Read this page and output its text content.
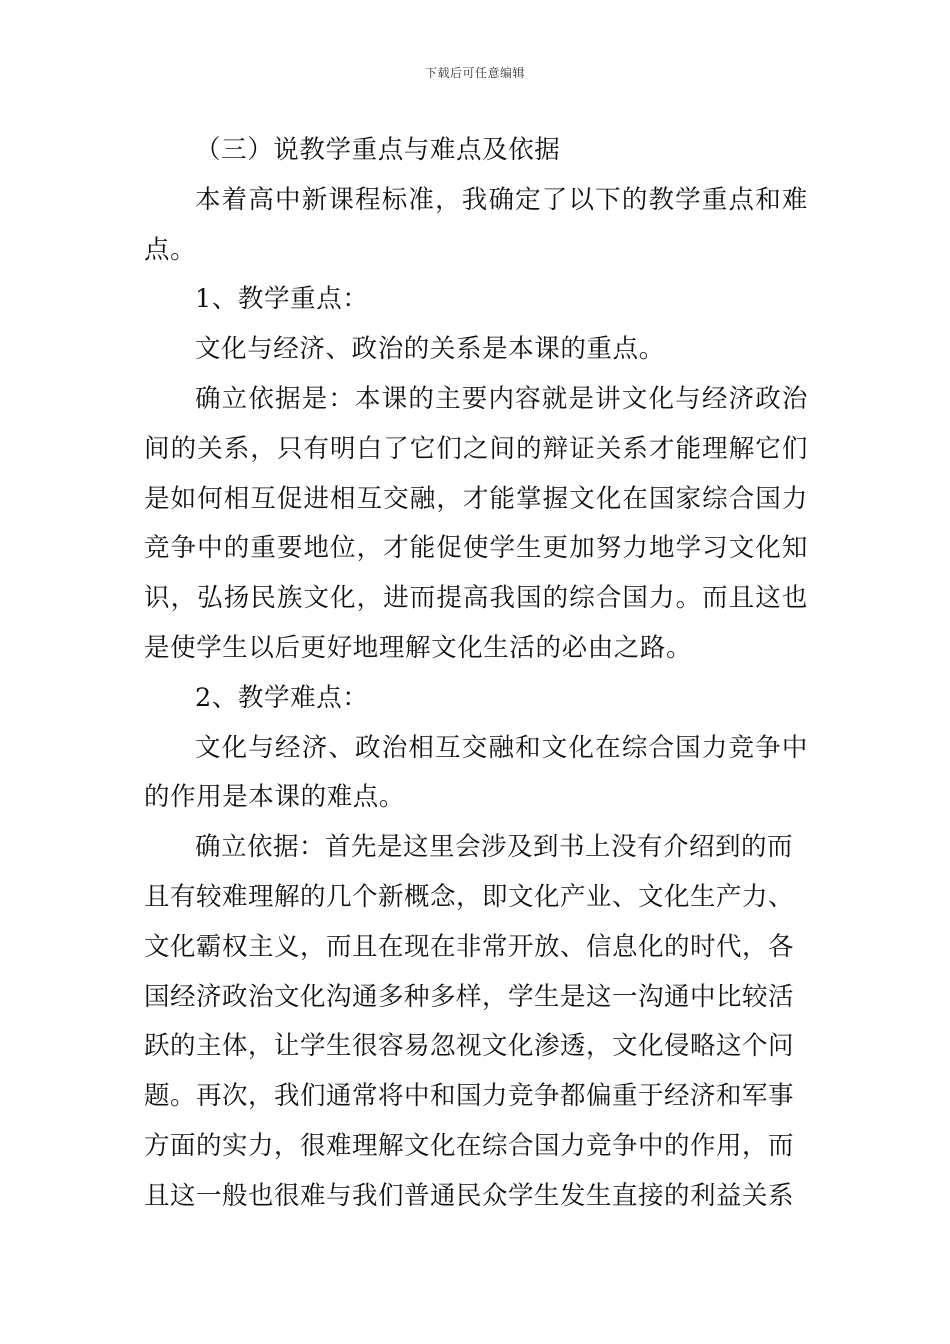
下载后可任意编辑

（三）说教学重点与难点及依据

本着高中新课程标准，我确定了以下的教学重点和难点。

1、教学重点：

文化与经济、政治的关系是本课的重点。

确立依据是：本课的主要内容就是讲文化与经济政治间的关系，只有明白了它们之间的辩证关系才能理解它们是如何相互促进相互交融，才能掌握文化在国家综合国力竞争中的重要地位，才能促使学生更加努力地学习文化知识，弘扬民族文化，进而提高我国的综合国力。而且这也是使学生以后更好地理解文化生活的必由之路。

2、教学难点：

文化与经济、政治相互交融和文化在综合国力竞争中的作用是本课的难点。

确立依据：首先是这里会涉及到书上没有介绍到的而且有较难理解的几个新概念，即文化产业、文化生产力、文化霸权主义，而且在现在非常开放、信息化的时代，各国经济政治文化沟通多种多样，学生是这一沟通中比较活跃的主体，让学生很容易忽视文化渗透，文化侵略这个问题。再次，我们通常将中和国力竞争都偏重于经济和军事方面的实力，很难理解文化在综合国力竞争中的作用，而且这一般也很难与我们普通民众学生发生直接的利益关系
